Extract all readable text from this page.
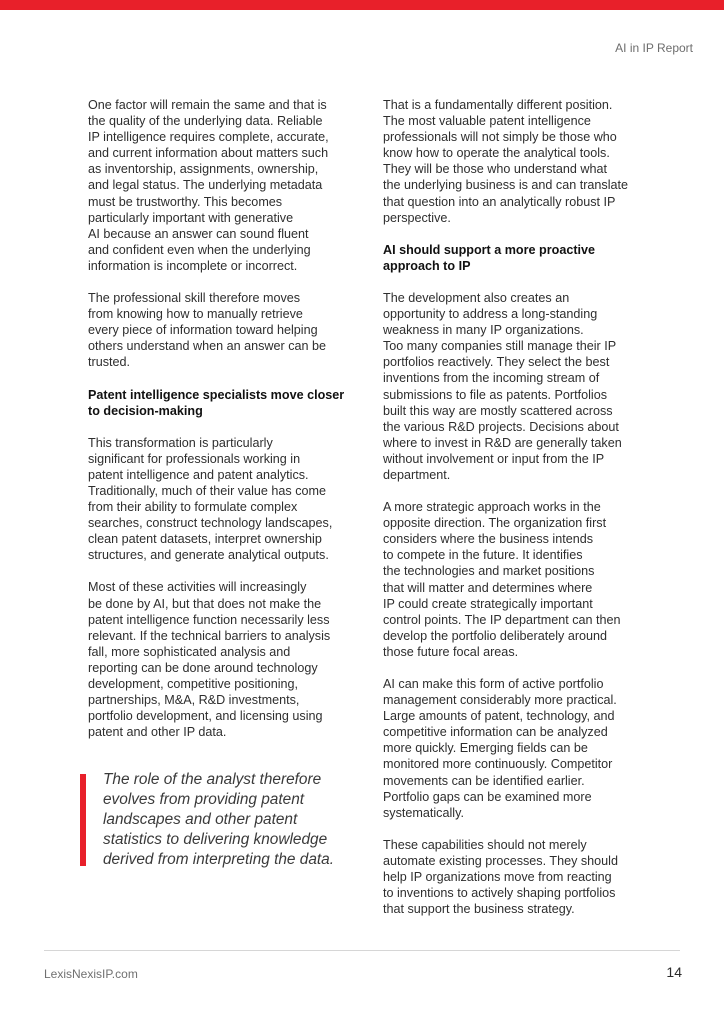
AI in IP Report

One factor will remain the same and that is
the quality of the underlying data. Reliable
IP intelligence requires complete, accurate,
and current information about matters such
as inventorship, assignments, ownership,
and legal status. The underlying metadata
must be trustworthy. This becomes
particularly important with generative
AI because an answer can sound fluent
and confident even when the underlying
information is incomplete or incorrect.

The professional skill therefore moves
from knowing how to manually retrieve
every piece of information toward helping
others understand when an answer can be
trusted.

Patent intelligence specialists move closer
to decision-making

This transformation is particularly
significant for professionals working in
patent intelligence and patent analytics.
Traditionally, much of their value has come
from their ability to formulate complex
searches, construct technology landscapes,
clean patent datasets, interpret ownership
structures, and generate analytical outputs.

Most of these activities will increasingly
be done by AI, but that does not make the
patent intelligence function necessarily less
relevant. If the technical barriers to analysis
fall, more sophisticated analysis and
reporting can be done around technology
development, competitive positioning,
partnerships, M&A, R&D investments,
portfolio development, and licensing using
patent and other IP data.

The role of the analyst therefore
evolves from providing patent
landscapes and other patent
statistics to delivering knowledge
derived from interpreting the data.

That is a fundamentally different position.
The most valuable patent intelligence
professionals will not simply be those who
know how to operate the analytical tools.
They will be those who understand what
the underlying business is and can translate
that question into an analytically robust IP
perspective.

AI should support a more proactive
approach to IP

The development also creates an
opportunity to address a long-standing
weakness in many IP organizations.
Too many companies still manage their IP
portfolios reactively. They select the best
inventions from the incoming stream of
submissions to file as patents. Portfolios
built this way are mostly scattered across
the various R&D projects. Decisions about
where to invest in R&D are generally taken
without involvement or input from the IP
department.

A more strategic approach works in the
opposite direction. The organization first
considers where the business intends
to compete in the future. It identifies
the technologies and market positions
that will matter and determines where
IP could create strategically important
control points. The IP department can then
develop the portfolio deliberately around
those future focal areas.

AI can make this form of active portfolio
management considerably more practical.
Large amounts of patent, technology, and
competitive information can be analyzed
more quickly. Emerging fields can be
monitored more continuously. Competitor
movements can be identified earlier.
Portfolio gaps can be examined more
systematically.

These capabilities should not merely
automate existing processes. They should
help IP organizations move from reacting
to inventions to actively shaping portfolios
that support the business strategy.

LexisNexisIP.com	14
